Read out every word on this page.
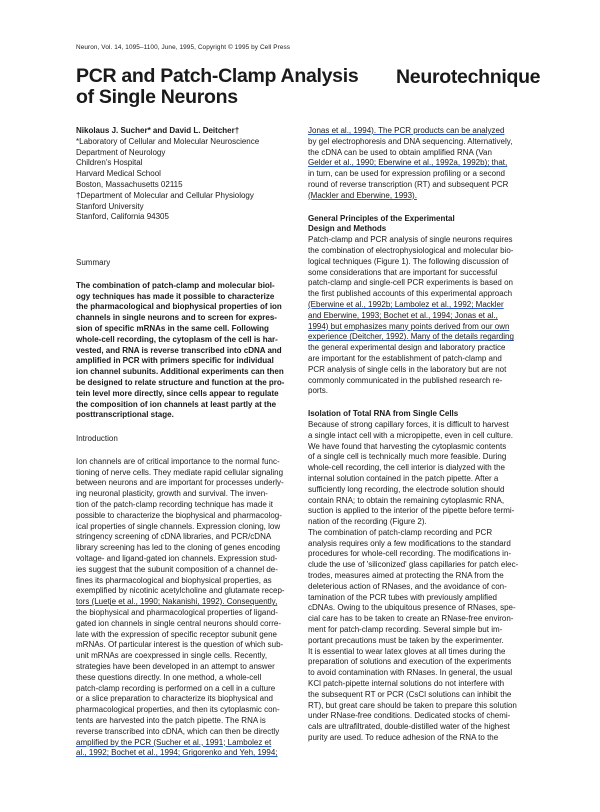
Neuron, Vol. 14, 1095–1100, June, 1995, Copyright © 1995 by Cell Press
PCR and Patch-Clamp Analysis
of Single Neurons
Neurotechnique
Nikolaus J. Sucher* and David L. Deitcher†
*Laboratory of Cellular and Molecular Neuroscience
Department of Neurology
Children's Hospital
Harvard Medical School
Boston, Massachusetts 02115
†Department of Molecular and Cellular Physiology
Stanford University
Stanford, California 94305
Summary
The combination of patch-clamp and molecular biol-
ogy techniques has made it possible to characterize
the pharmacological and biophysical properties of ion
channels in single neurons and to screen for expres-
sion of specific mRNAs in the same cell. Following
whole-cell recording, the cytoplasm of the cell is har-
vested, and RNA is reverse transcribed into cDNA and
amplified in PCR with primers specific for individual
ion channel subunits. Additional experiments can then
be designed to relate structure and function at the pro-
tein level more directly, since cells appear to regulate
the composition of ion channels at least partly at the
posttranscriptional stage.
Introduction
Ion channels are of critical importance to the normal func-
tioning of nerve cells. They mediate rapid cellular signaling
between neurons and are important for processes underly-
ing neuronal plasticity, growth and survival. The inven-
tion of the patch-clamp recording technique has made it
possible to characterize the biophysical and pharmacolog-
ical properties of single channels. Expression cloning, low
stringency screening of cDNA libraries, and PCR/cDNA
library screening has led to the cloning of genes encoding
voltage- and ligand-gated ion channels. Expression stud-
ies suggest that the subunit composition of a channel de-
fines its pharmacological and biophysical properties, as
exemplified by nicotinic acetylcholine and glutamate recep-
tors (Luetje et al., 1990; Nakanishi, 1992). Consequently,
the biophysical and pharmacological properties of ligand-
gated ion channels in single central neurons should corre-
late with the expression of specific receptor subunit gene
mRNAs. Of particular interest is the question of which sub-
unit mRNAs are coexpressed in single cells. Recently,
strategies have been developed in an attempt to answer
these questions directly. In one method, a whole-cell
patch-clamp recording is performed on a cell in a culture
or a slice preparation to characterize its biophysical and
pharmacological properties, and then its cytoplasmic con-
tents are harvested into the patch pipette. The RNA is
reverse transcribed into cDNA, which can then be directly
amplified by the PCR (Sucher et al., 1991; Lambolez et
al., 1992; Bochet et al., 1994; Grigorenko and Yeh, 1994;
Jonas et al., 1994). The PCR products can be analyzed
by gel electrophoresis and DNA sequencing. Alternatively,
the cDNA can be used to obtain amplified RNA (Van
Gelder et al., 1990; Eberwine et al., 1992a, 1992b); that,
in turn, can be used for expression profiling or a second
round of reverse transcription (RT) and subsequent PCR
(Mackler and Eberwine, 1993).
General Principles of the Experimental
Design and Methods
Patch-clamp and PCR analysis of single neurons requires
the combination of electrophysiological and molecular bio-
logical techniques (Figure 1). The following discussion of
some considerations that are important for successful
patch-clamp and single-cell PCR experiments is based on
the first published accounts of this experimental approach
(Eberwine et al., 1992b; Lambolez et al., 1992; Mackler
and Eberwine, 1993; Bochet et al., 1994; Jonas et al.,
1994) but emphasizes many points derived from our own
experience (Deitcher, 1992). Many of the details regarding
the general experimental design and laboratory practice
are important for the establishment of patch-clamp and
PCR analysis of single cells in the laboratory but are not
commonly communicated in the published research re-
ports.
Isolation of Total RNA from Single Cells
Because of strong capillary forces, it is difficult to harvest
a single intact cell with a micropipette, even in cell culture.
We have found that harvesting the cytoplasmic contents
of a single cell is technically much more feasible. During
whole-cell recording, the cell interior is dialyzed with the
internal solution contained in the patch pipette. After a
sufficiently long recording, the electrode solution should
contain RNA; to obtain the remaining cytoplasmic RNA,
suction is applied to the interior of the pipette before termi-
nation of the recording (Figure 2).
The combination of patch-clamp recording and PCR
analysis requires only a few modifications to the standard
procedures for whole-cell recording. The modifications in-
clude the use of 'siliconized' glass capillaries for patch elec-
trodes, measures aimed at protecting the RNA from the
deleterious action of RNases, and the avoidance of con-
tamination of the PCR tubes with previously amplified
cDNAs. Owing to the ubiquitous presence of RNases, spe-
cial care has to be taken to create an RNase-free environ-
ment for patch-clamp recording. Several simple but im-
portant precautions must be taken by the experimenter.
It is essential to wear latex gloves at all times during the
preparation of solutions and execution of the experiments
to avoid contamination with RNases. In general, the usual
KCl patch-pipette internal solutions do not interfere with
the subsequent RT or PCR (CsCl solutions can inhibit the
RT), but great care should be taken to prepare this solution
under RNase-free conditions. Dedicated stocks of chemi-
cals are ultrafiltrated, double-distilled water of the highest
purity are used. To reduce adhesion of the RNA to the
